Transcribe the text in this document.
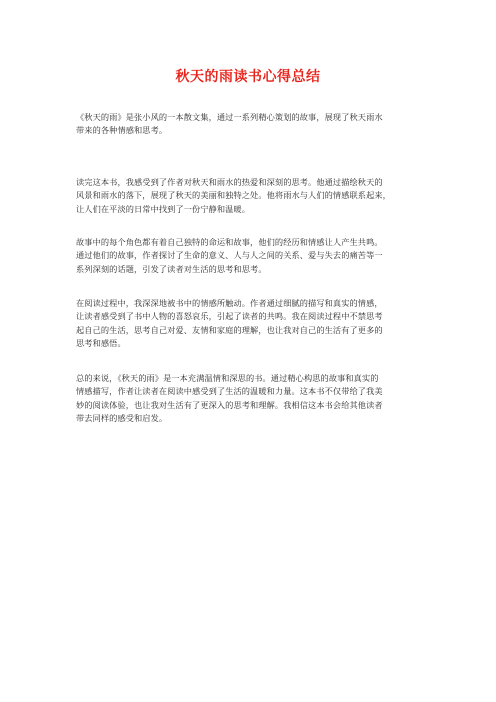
秋天的雨读书心得总结
《秋天的雨》是张小风的一本散文集，通过一系列精心策划的故事，展现了秋天雨水
带来的各种情感和思考。
读完这本书，我感受到了作者对秋天和雨水的热爱和深刻的思考。他通过描绘秋天的
风景和雨水的落下，展现了秋天的美丽和独特之处。他将雨水与人们的情感联系起来，
让人们在平淡的日常中找到了一份宁静和温暖。
故事中的每个角色都有着自己独特的命运和故事，他们的经历和情感让人产生共鸣。
通过他们的故事，作者探讨了生命的意义、人与人之间的关系、爱与失去的痛苦等一
系列深刻的话题，引发了读者对生活的思考和思考。
在阅读过程中，我深深地被书中的情感所触动。作者通过细腻的描写和真实的情感，
让读者感受到了书中人物的喜怒哀乐，引起了读者的共鸣。我在阅读过程中不禁思考
起自己的生活，思考自己对爱、友情和家庭的理解，也让我对自己的生活有了更多的
思考和感悟。
总的来说，《秋天的雨》是一本充满温情和深思的书。通过精心构思的故事和真实的
情感描写，作者让读者在阅读中感受到了生活的温暖和力量。这本书不仅带给了我美
妙的阅读体验，也让我对生活有了更深入的思考和理解。我相信这本书会给其他读者
带去同样的感受和启发。
